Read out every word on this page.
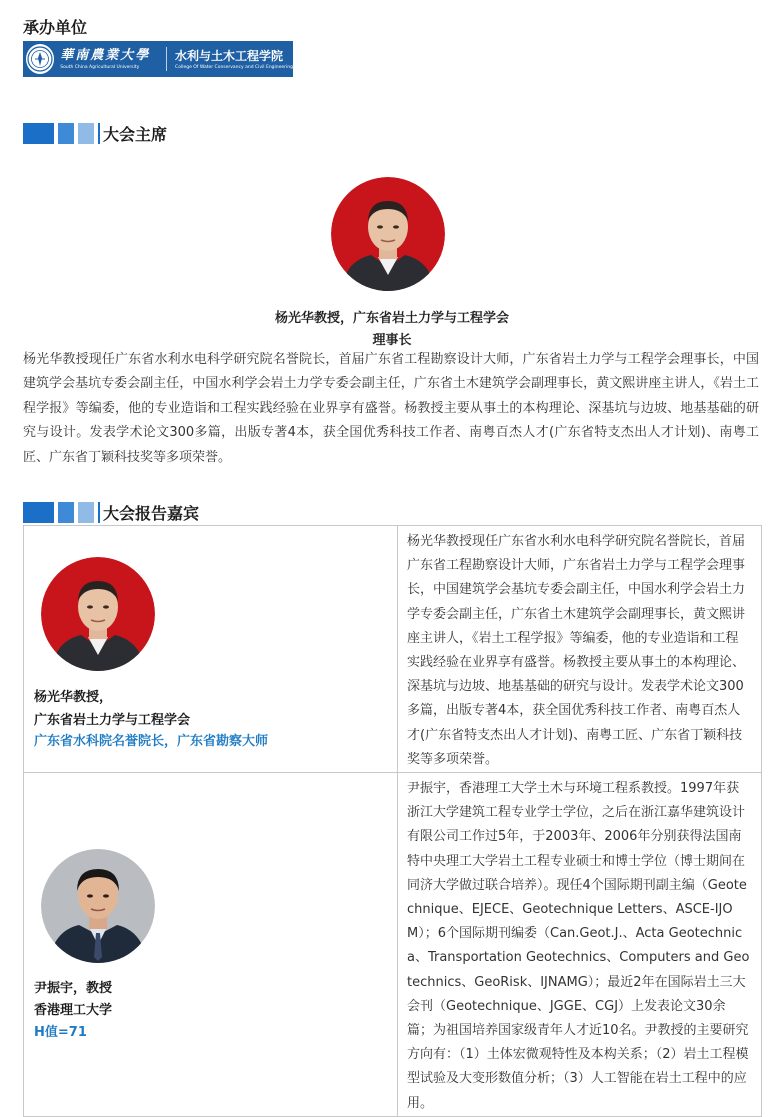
承办单位
華南農業大學
South China Agricultural University
水利与土木工程学院
College Of Water Conservancy and Civil Engineering
大会主席
杨光华教授，广东省岩土力学与工程学会
理事长
杨光华教授现任广东省水利水电科学研究院名誉院长，首届广东省工程勘察设计大师，广东省岩土力学与工程学会理事长，中国建筑学会基坑专委会副主任，中国水利学会岩土力学专委会副主任，广东省土木建筑学会副理事长，黄文熙讲座主讲人，《岩土工程学报》等编委，他的专业造诣和工程实践经验在业界享有盛誉。杨教授主要从事土的本构理论、深基坑与边坡、地基基础的研究与设计。发表学术论文300多篇，出版专著4本，获全国优秀科技工作者、南粤百杰人才(广东省特支杰出人才计划)、南粤工匠、广东省丁颖科技奖等多项荣誉。
大会报告嘉宾
杨光华教授，
广东省岩土力学与工程学会
广东省水科院名誉院长，广东省勘察大师
杨光华教授现任广东省水利水电科学研究院名誉院长，首届广东省工程勘察设计大师，广东省岩土力学与工程学会理事长，中国建筑学会基坑专委会副主任，中国水利学会岩土力学专委会副主任，广东省土木建筑学会副理事长，黄文熙讲座主讲人，《岩土工程学报》等编委，他的专业造诣和工程实践经验在业界享有盛誉。杨教授主要从事土的本构理论、深基坑与边坡、地基基础的研究与设计。发表学术论文300多篇，出版专著4本，获全国优秀科技工作者、南粤百杰人才(广东省特支杰出人才计划)、南粤工匠、广东省丁颖科技奖等多项荣誉。
尹振宇，教授
香港理工大学
H值=71
尹振宇，香港理工大学土木与环境工程系教授。1997年获浙江大学建筑工程专业学士学位，之后在浙江嘉华建筑设计有限公司工作过5年，于2003年、2006年分别获得法国南特中央理工大学岩土工程专业硕士和博士学位（博士期间在同济大学做过联合培养）。现任4个国际期刊副主编（Geotechnique、EJECE、Geotechnique Letters、ASCE-IJOM）；6个国际期刊编委（Can.Geot.J.、Acta Geotechnica、Transportation Geotechnics、Computers and Geotechnics、GeoRisk、IJNAMG）；最近2年在国际岩土三大会刊（Geotechnique、JGGE、CGJ）上发表论文30余篇；为祖国培养国家级青年人才近10名。尹教授的主要研究方向有：（1）土体宏微观特性及本构关系；（2）岩土工程模型试验及大变形数值分析；（3）人工智能在岩土工程中的应用。
